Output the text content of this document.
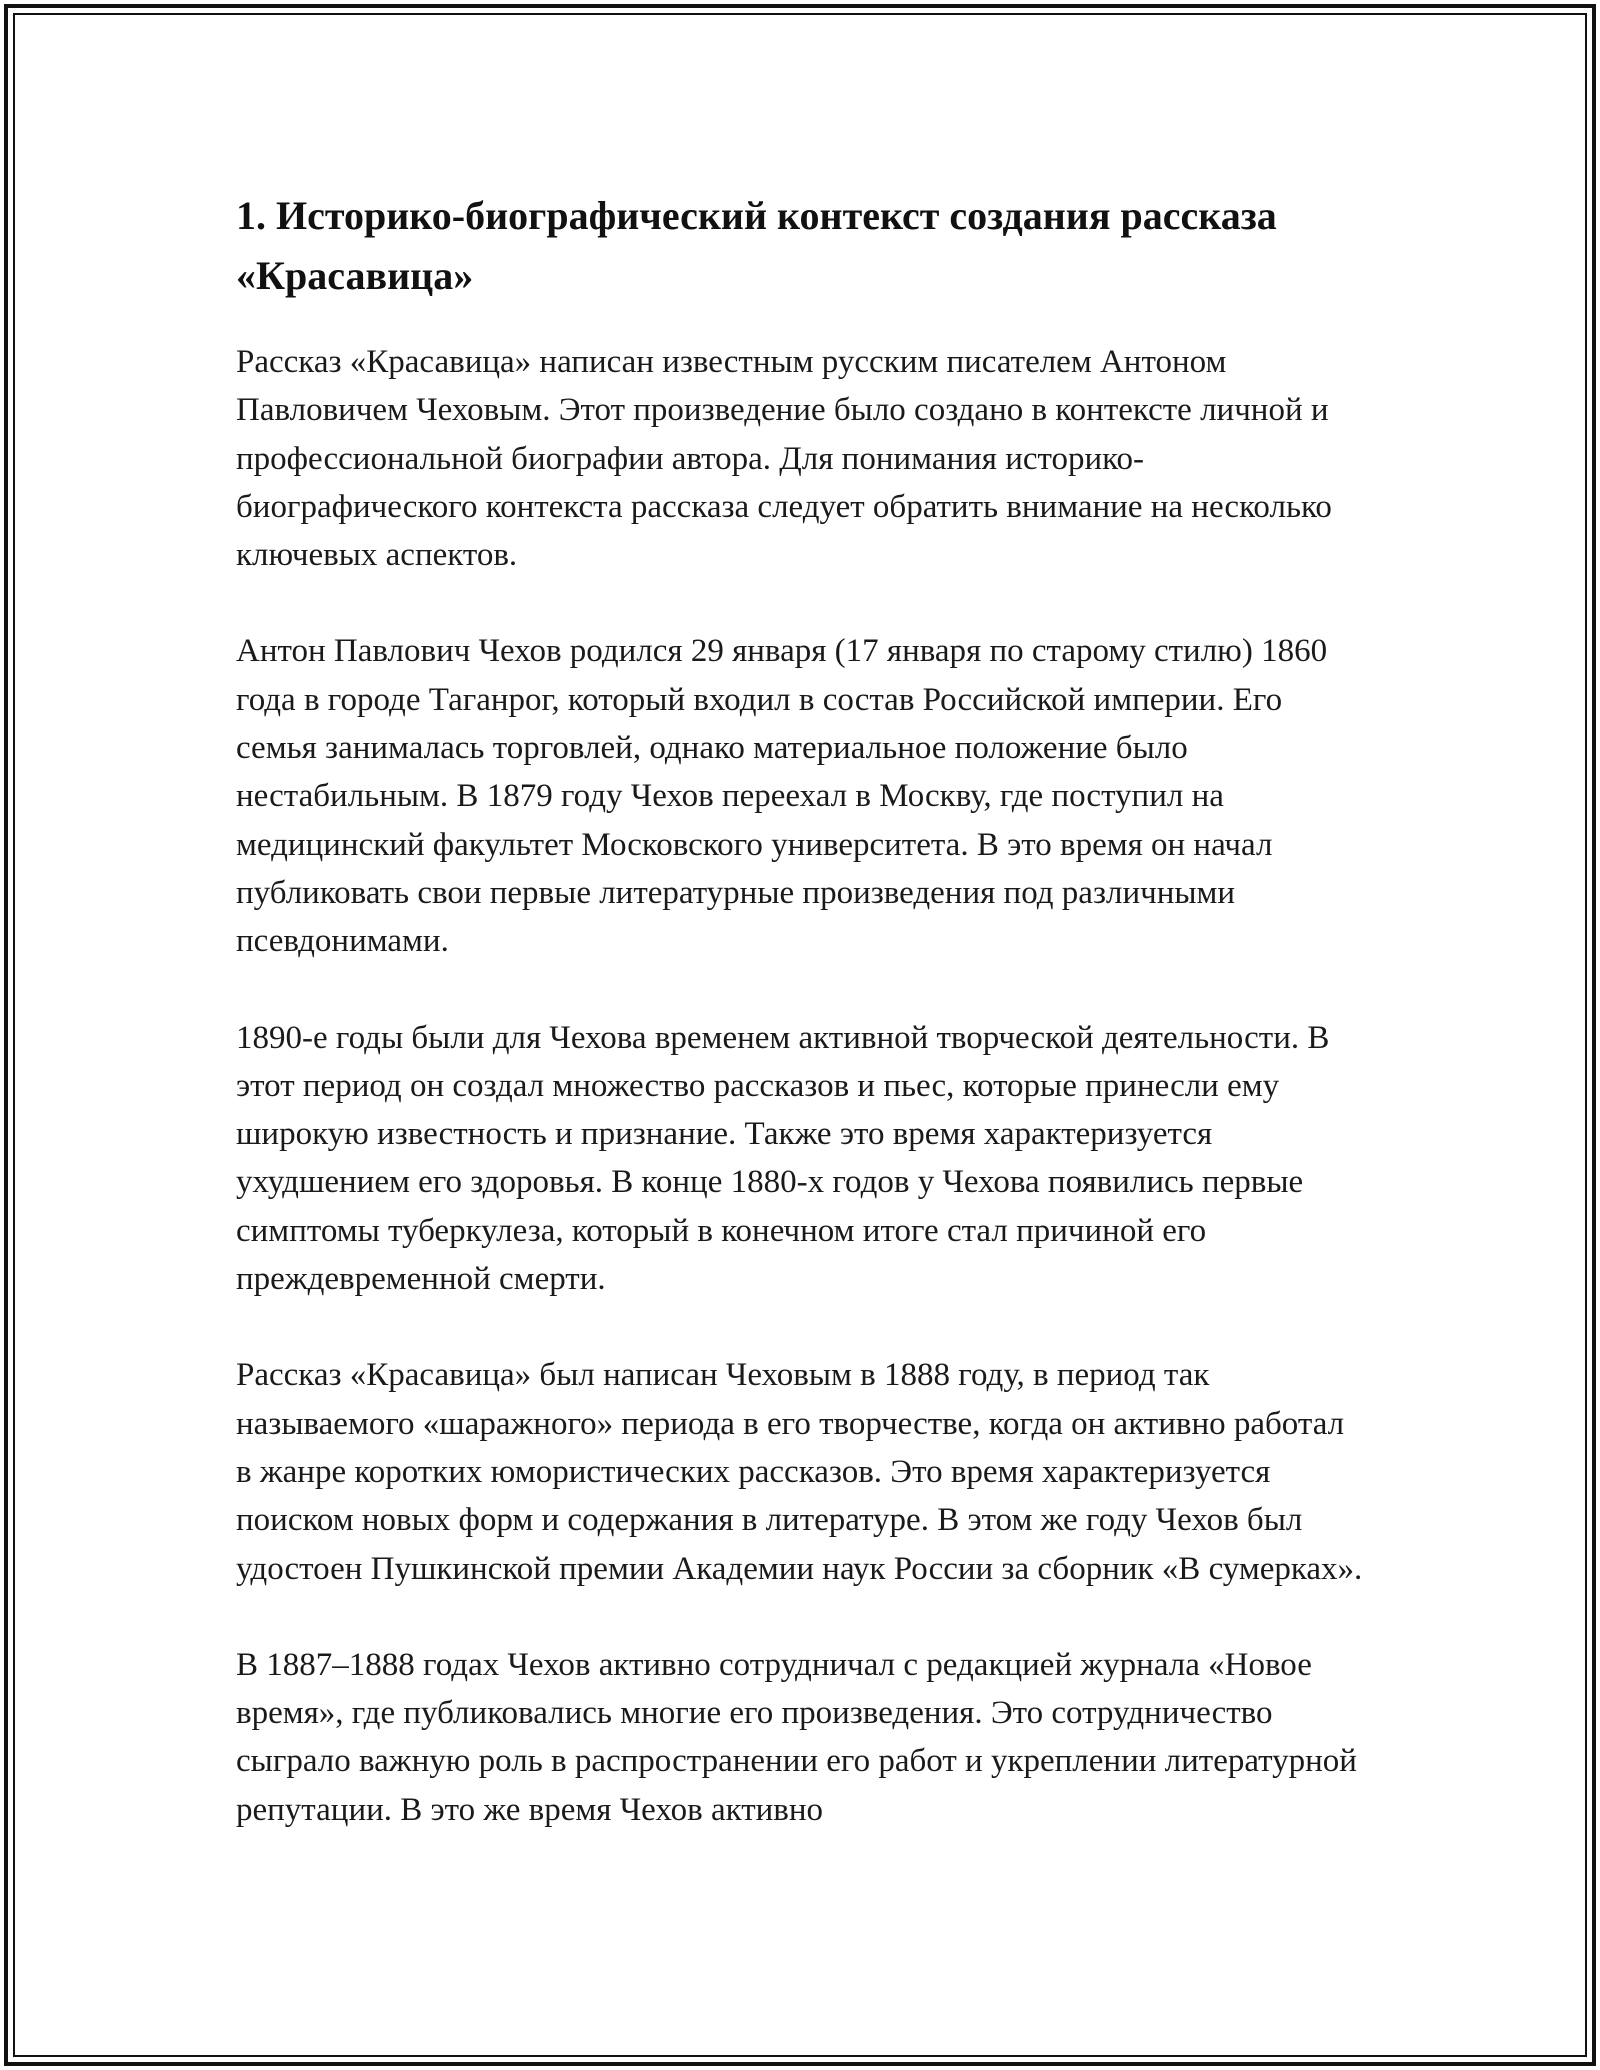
1. Историко-биографический контекст создания рассказа «Красавица»

Рассказ «Красавица» написан известным русским писателем Антоном Павловичем Чеховым. Этот произведение было создано в контексте личной и профессиональной биографии автора. Для понимания историко-биографического контекста рассказа следует обратить внимание на несколько ключевых аспектов.

Антон Павлович Чехов родился 29 января (17 января по старому стилю) 1860 года в городе Таганрог, который входил в состав Российской империи. Его семья занималась торговлей, однако материальное положение было нестабильным. В 1879 году Чехов переехал в Москву, где поступил на медицинский факультет Московского университета. В это время он начал публиковать свои первые литературные произведения под различными псевдонимами.

1890-е годы были для Чехова временем активной творческой деятельности. В этот период он создал множество рассказов и пьес, которые принесли ему широкую известность и признание. Также это время характеризуется ухудшением его здоровья. В конце 1880-х годов у Чехова появились первые симптомы туберкулеза, который в конечном итоге стал причиной его преждевременной смерти.

Рассказ «Красавица» был написан Чеховым в 1888 году, в период так называемого «шаражного» периода в его творчестве, когда он активно работал в жанре коротких юмористических рассказов. Это время характеризуется поиском новых форм и содержания в литературе. В этом же году Чехов был удостоен Пушкинской премии Академии наук России за сборник «В сумерках».

В 1887–1888 годах Чехов активно сотрудничал с редакцией журнала «Новое время», где публиковались многие его произведения. Это сотрудничество сыграло важную роль в распространении его работ и укреплении литературной репутации. В это же время Чехов активно
